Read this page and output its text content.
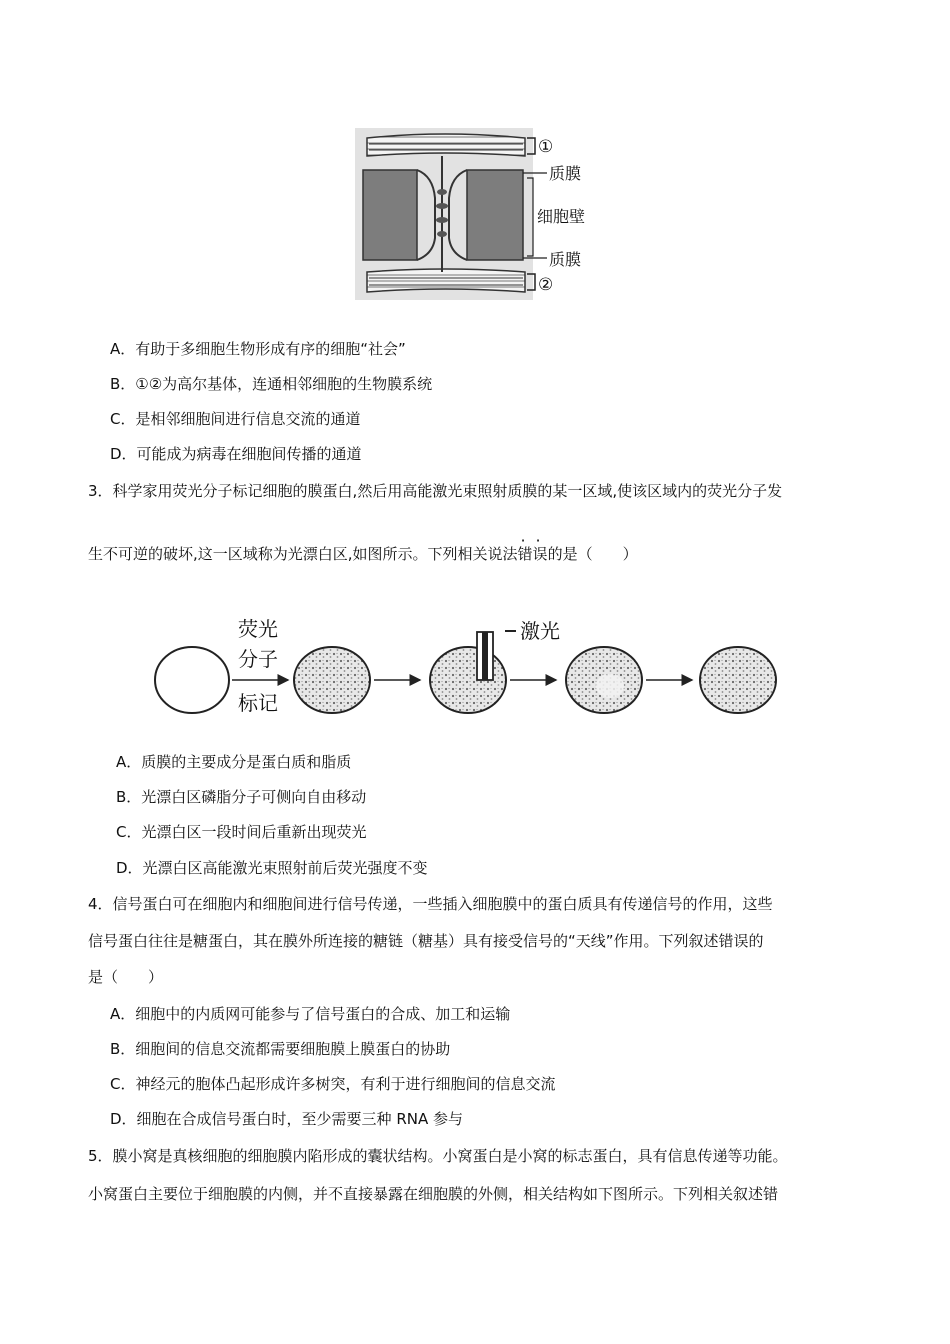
①
质膜
细胞壁
质膜
②
A．有助于多细胞生物形成有序的细胞“社会”
B．①②为高尔基体，连通相邻细胞的生物膜系统
C．是相邻细胞间进行信息交流的通道
D．可能成为病毒在细胞间传播的通道
3．科学家用荧光分子标记细胞的膜蛋白,然后用高能激光束照射质膜的某一区域,使该区域内的荧光分子发
生不可逆的破坏,这一区域称为光漂白区,如图所示。下列相关说法错误的是（　　）
荧光
分子
标记
激光
A．质膜的主要成分是蛋白质和脂质
B．光漂白区磷脂分子可侧向自由移动
C．光漂白区一段时间后重新出现荧光
D．光漂白区高能激光束照射前后荧光强度不变
4．信号蛋白可在细胞内和细胞间进行信号传递，一些插入细胞膜中的蛋白质具有传递信号的作用，这些
信号蛋白往往是糖蛋白，其在膜外所连接的糖链（糖基）具有接受信号的“天线”作用。下列叙述错误的
是（　　）
A．细胞中的内质网可能参与了信号蛋白的合成、加工和运输
B．细胞间的信息交流都需要细胞膜上膜蛋白的协助
C．神经元的胞体凸起形成许多树突，有利于进行细胞间的信息交流
D．细胞在合成信号蛋白时，至少需要三种 RNA 参与
5．膜小窝是真核细胞的细胞膜内陷形成的囊状结构。小窝蛋白是小窝的标志蛋白，具有信息传递等功能。
小窝蛋白主要位于细胞膜的内侧，并不直接暴露在细胞膜的外侧，相关结构如下图所示。下列相关叙述错
